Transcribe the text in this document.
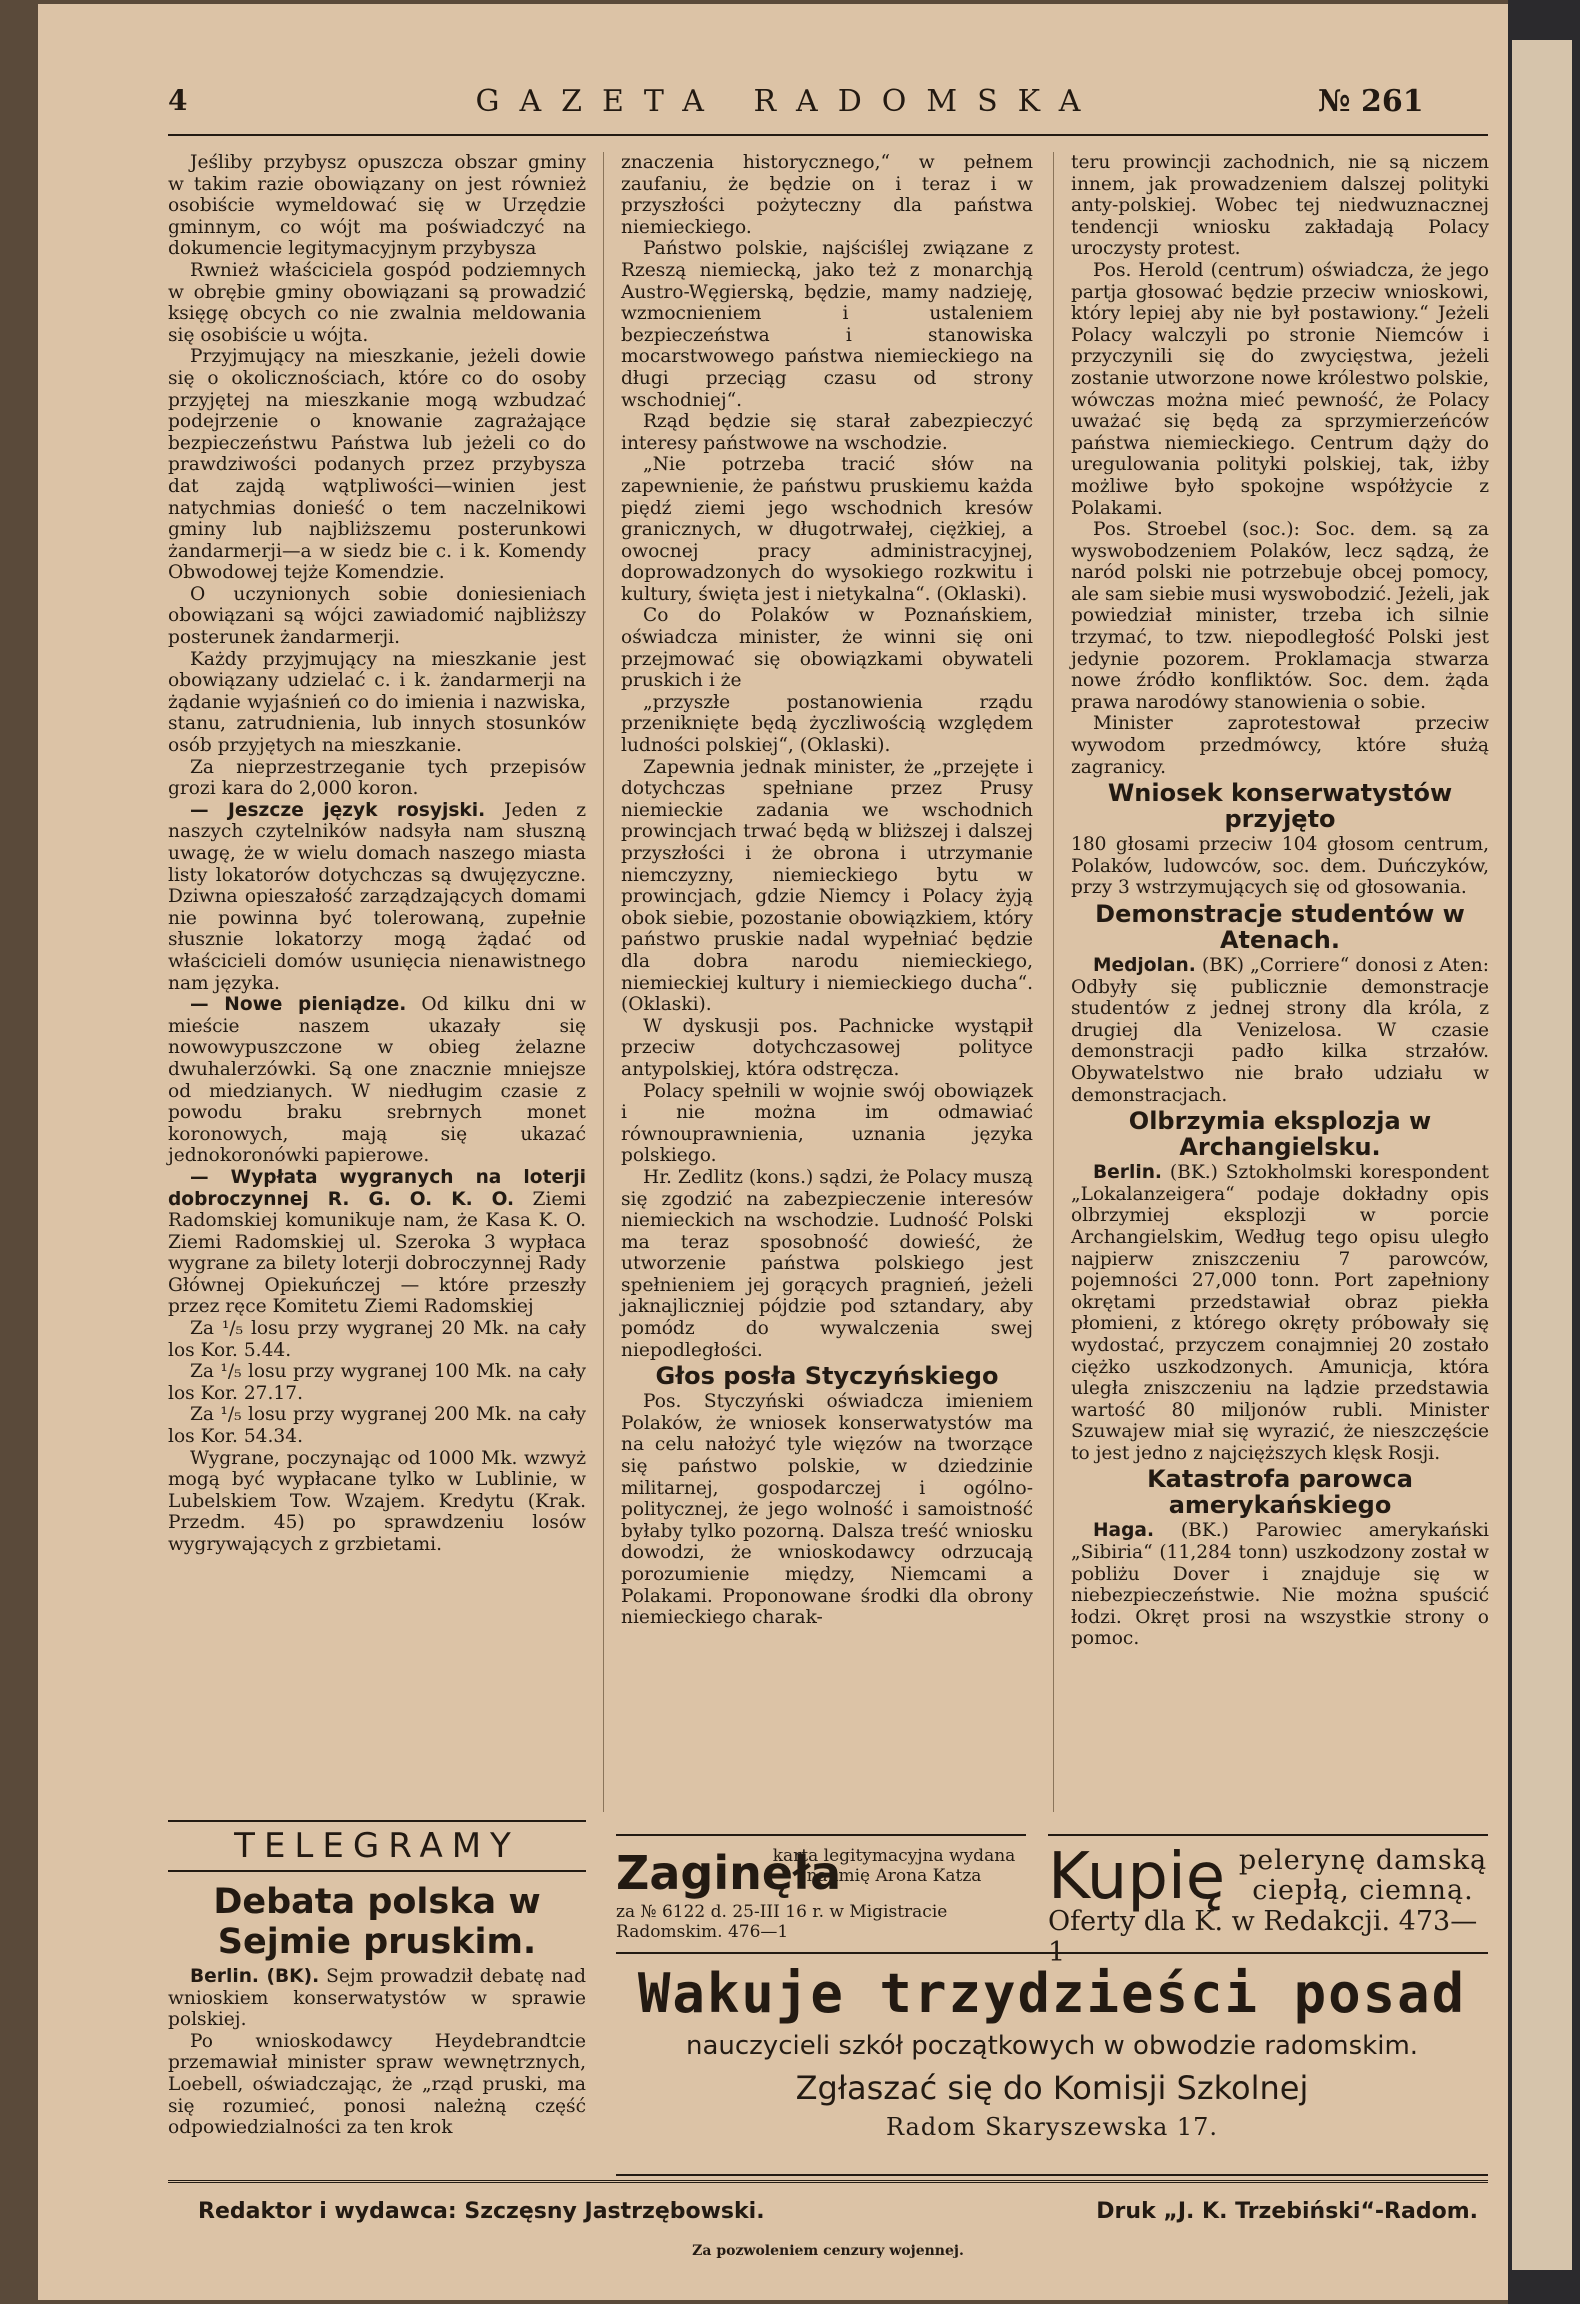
4	GAZETA RADOMSKA	№ 261

Jeśliby przybysz opuszcza obszar gminy w takim razie obowiązany on jest również osobiście wymeldować się w Urzędzie gminnym, co wójt ma poświadczyć na dokumencie legitymacyjnym przybysza

Rwnież właściciela gospód podziemnych w obrębie gminy obowiązani są prowadzić księgę obcych co nie zwalnia meldowania się osobiście u wójta.

Przyjmujący na mieszkanie, jeżeli dowie się o okolicznościach, które co do osoby przyjętej na mieszkanie mogą wzbudzać podejrzenie o knowanie zagrażające bezpieczeństwu Państwa lub jeżeli co do prawdziwości podanych przez przybysza dat zajdą wątpliwości—winien jest natychmias donieść o tem naczelnikowi gminy lub najbliższemu posterunkowi żandarmerji—a w siedz bie c. i k. Komendy Obwodowej tejże Komendzie.

O uczynionych sobie doniesieniach obowiązani są wójci zawiadomić najbliższy posterunek żandarmerji.

Każdy przyjmujący na mieszkanie jest obowiązany udzielać c. i k. żandarmerji na żądanie wyjaśnień co do imienia i nazwiska, stanu, zatrudnienia, lub innych stosunków osób przyjętych na mieszkanie.

Za nieprzestrzeganie tych przepisów grozi kara do 2,000 koron.

— Jeszcze język rosyjski. Jeden z naszych czytelników nadsyła nam słuszną uwagę, że w wielu domach naszego miasta listy lokatorów dotychczas są dwujęzyczne. Dziwna opieszałość zarządzających domami nie powinna być tolerowaną, zupełnie słusznie lokatorzy mogą żądać od właścicieli domów usunięcia nienawistnego nam języka.

— Nowe pieniądze. Od kilku dni w mieście naszem ukazały się nowowypuszczone w obieg żelazne dwuhalerzówki. Są one znacznie mniejsze od miedzianych. W niedługim czasie z powodu braku srebrnych monet koronowych, mają się ukazać jednokoronówki papierowe.

— Wypłata wygranych na loterji dobroczynnej R. G. O. K. O. Ziemi Radomskiej komunikuje nam, że Kasa K. O. Ziemi Radomskiej ul. Szeroka 3 wypłaca wygrane za bilety loterji dobroczynnej Rady Głównej Opiekuńczej — które przeszły przez ręce Komitetu Ziemi Radomskiej

Za ¹/₅ losu przy wygranej 20 Mk. na cały los Kor. 5.44.

Za ¹/₅ losu przy wygranej 100 Mk. na cały los Kor. 27.17.

Za ¹/₅ losu przy wygranej 200 Mk. na cały los Kor. 54.34.

Wygrane, poczynając od 1000 Mk. wzwyż mogą być wypłacane tylko w Lublinie, w Lubelskiem Tow. Wzajem. Kredytu (Krak. Przedm. 45) po sprawdzeniu losów wygrywających z grzbietami.

TELEGRAMY
Debata polska w Sejmie pruskim.

Berlin. (BK). Sejm prowadził debatę nad wnioskiem konserwatystów w sprawie polskiej.

Po wnioskodawcy Heydebrandtcie przemawiał minister spraw wewnętrznych, Loebell, oświadczając, że „rząd pruski, ma się rozumieć, ponosi należną część odpowiedzialności za ten krok

znaczenia historycznego,“ w pełnem zaufaniu, że będzie on i teraz i w przyszłości pożyteczny dla państwa niemieckiego.

Państwo polskie, najściślej związane z Rzeszą niemiecką, jako też z monarchją Austro-Węgierską, będzie, mamy nadzieję, wzmocnieniem i ustaleniem bezpieczeństwa i stanowiska mocarstwowego państwa niemieckiego na długi przeciąg czasu od strony wschodniej“.

Rząd będzie się starał zabezpieczyć interesy państwowe na wschodzie.

„Nie potrzeba tracić słów na zapewnienie, że państwu pruskiemu każda piędź ziemi jego wschodnich kresów granicznych, w długotrwałej, ciężkiej, a owocnej pracy administracyjnej, doprowadzonych do wysokiego rozkwitu i kultury, święta jest i nietykalna“. (Oklaski).

Co do Polaków w Poznańskiem, oświadcza minister, że winni się oni przejmować się obowiązkami obywateli pruskich i że

„przyszłe postanowienia rządu przeniknięte będą życzliwością względem ludności polskiej“, (Oklaski).

Zapewnia jednak minister, że „przejęte i dotychczas spełniane przez Prusy niemieckie zadania we wschodnich prowincjach trwać będą w bliższej i dalszej przyszłości i że obrona i utrzymanie niemczyzny, niemieckiego bytu w prowincjach, gdzie Niemcy i Polacy żyją obok siebie, pozostanie obowiązkiem, który państwo pruskie nadal wypełniać będzie dla dobra narodu niemieckiego, niemieckiej kultury i niemieckiego ducha“. (Oklaski).

W dyskusji pos. Pachnicke wystąpił przeciw dotychczasowej polityce antypolskiej, która odstręcza.

Polacy spełnili w wojnie swój obowiązek i nie można im odmawiać równouprawnienia, uznania języka polskiego.

Hr. Zedlitz (kons.) sądzi, że Polacy muszą się zgodzić na zabezpieczenie interesów niemieckich na wschodzie. Ludność Polski ma teraz sposobność dowieść, że utworzenie państwa polskiego jest spełnieniem jej gorących pragnień, jeżeli jaknajliczniej pójdzie pod sztandary, aby pomódz do wywalczenia swej niepodległości.

Głos posła Styczyńskiego

Pos. Styczyński oświadcza imieniem Polaków, że wniosek konserwatystów ma na celu nałożyć tyle więzów na tworzące się państwo polskie, w dziedzinie militarnej, gospodarczej i ogólno-politycznej, że jego wolność i samoistność byłaby tylko pozorną. Dalsza treść wniosku dowodzi, że wnioskodawcy odrzucają porozumienie między, Niemcami a Polakami. Proponowane środki dla obrony niemieckiego charak-

teru prowincji zachodnich, nie są niczem innem, jak prowadzeniem dalszej polityki anty-polskiej. Wobec tej niedwuznacznej tendencji wniosku zakładają Polacy uroczysty protest.

Pos. Herold (centrum) oświadcza, że jego partja głosować będzie przeciw wnioskowi, który lepiej aby nie był postawiony.“ Jeżeli Polacy walczyli po stronie Niemców i przyczynili się do zwycięstwa, jeżeli zostanie utworzone nowe królestwo polskie, wówczas można mieć pewność, że Polacy uważać się będą za sprzymierzeńców państwa niemieckiego. Centrum dąży do uregulowania polityki polskiej, tak, iżby możliwe było spokojne współżycie z Polakami.

Pos. Stroebel (soc.): Soc. dem. są za wyswobodzeniem Polaków, lecz sądzą, że naród polski nie potrzebuje obcej pomocy, ale sam siebie musi wyswobodzić. Jeżeli, jak powiedział minister, trzeba ich silnie trzymać, to tzw. niepodległość Polski jest jedynie pozorem. Proklamacja stwarza nowe źródło konfliktów. Soc. dem. żąda prawa narodówy stanowienia o sobie.

Minister zaprotestował przeciw wywodom przedmówcy, które służą zagranicy.

Wniosek konserwatystów przyjęto

180 głosami przeciw 104 głosom centrum, Polaków, ludowców, soc. dem. Duńczyków, przy 3 wstrzymujących się od głosowania.

Demonstracje studentów w Atenach.

Medjolan. (BK) „Corriere“ donosi z Aten: Odbyły się publicznie demonstracje studentów z jednej strony dla króla, z drugiej dla Venizelosa. W czasie demonstracji padło kilka strzałów. Obywatelstwo nie brało udziału w demonstracjach.

Olbrzymia eksplozja w Archangielsku.

Berlin. (BK.) Sztokholmski korespondent „Lokalanzeigera“ podaje dokładny opis olbrzymiej eksplozji w porcie Archangielskim, Według tego opisu uległo najpierw zniszczeniu 7 parowców, pojemności 27,000 tonn. Port zapełniony okrętami przedstawiał obraz piekła płomieni, z którego okręty próbowały się wydostać, przyczem conajmniej 20 zostało ciężko uszkodzonych. Amunicja, która uległa zniszczeniu na lądzie przedstawia wartość 80 miljonów rubli. Minister Szuwajew miał się wyrazić, że nieszczęście to jest jedno z najcięższych klęsk Rosji.

Katastrofa parowca amerykańskiego

Haga. (BK.) Parowiec amerykański „Sibiria“ (11,284 tonn) uszkodzony został w pobliżu Dover i znajduje się w niebezpieczeństwie. Nie można spuścić łodzi. Okręt prosi na wszystkie strony o pomoc.

Zaginęła
karta legitymacyjna wydana na imię Arona Katza
za № 6122 d. 25-III 16 r. w Migistracie Radomskim. 476—1
Kupię pelerynę damską ciepłą, ciemną.
Oferty dla K. w Redakcji. 473—1
Wakuje trzydzieści posad
nauczycieli szkół początkowych w obwodzie radomskim.
Zgłaszać się do Komisji Szkolnej
Radom Skaryszewska 17.
Redaktor i wydawca: Szczęsny Jastrzębowski.	Druk „J. K. Trzebiński“-Radom.
Za pozwoleniem cenzury wojennej.
